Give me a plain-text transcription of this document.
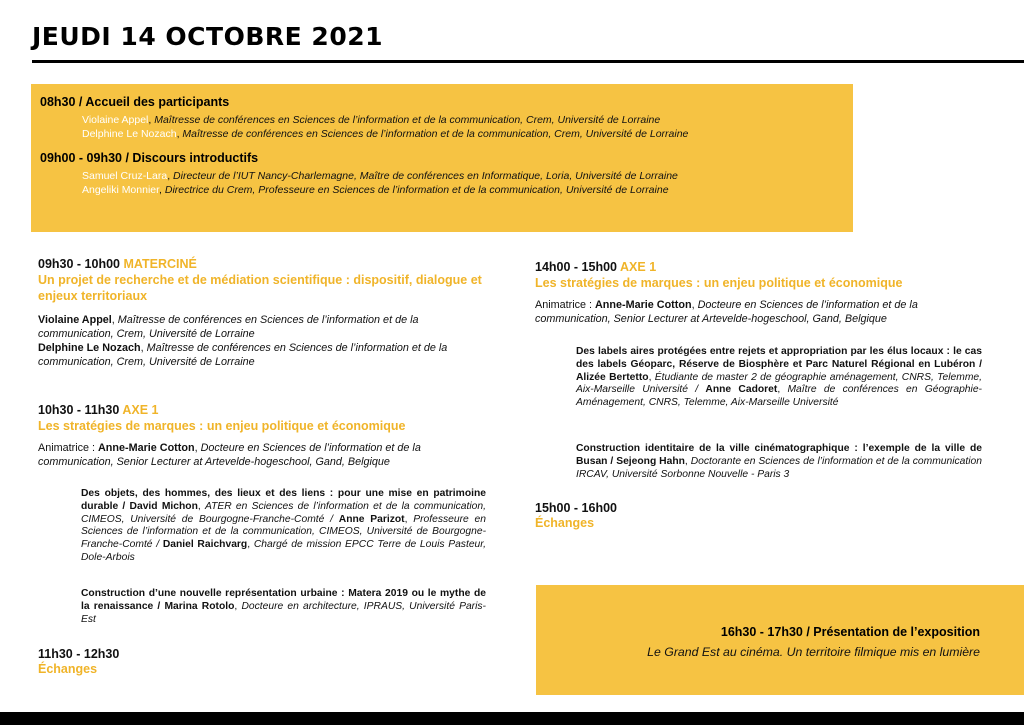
JEUDI 14 OCTOBRE 2021
08h30 / Accueil des participants
Violaine Appel, Maîtresse de conférences en Sciences de l’information et de la communication, Crem, Université de Lorraine
Delphine Le Nozach, Maîtresse de conférences en Sciences de l’information et de la communication, Crem, Université de Lorraine
09h00 - 09h30 / Discours introductifs
Samuel Cruz-Lara, Directeur de l’IUT Nancy-Charlemagne, Maître de conférences en Informatique, Loria, Université de Lorraine
Angeliki Monnier, Directrice du Crem, Professeure en Sciences de l’information et de la communication, Université de Lorraine
09h30 - 10h00 MATERCINÉ
Un projet de recherche et de médiation scientifique : dispositif, dialogue et enjeux territoriaux
Violaine Appel, Maîtresse de conférences en Sciences de l’information et de la communication, Crem, Université de Lorraine
Delphine Le Nozach, Maîtresse de conférences en Sciences de l’information et de la communication, Crem, Université de Lorraine
10h30 - 11h30 AXE 1
Les stratégies de marques : un enjeu politique et économique
Animatrice : Anne-Marie Cotton, Docteure en Sciences de l’information et de la communication, Senior Lecturer at Artevelde-hogeschool, Gand, Belgique
Des objets, des hommes, des lieux et des liens : pour une mise en patrimoine durable / David Michon, ATER en Sciences de l’information et de la communication, CIMEOS, Université de Bourgogne-Franche-Comté / Anne Parizot, Professeure en Sciences de l’information et de la communication, CIMEOS, Université de Bourgogne-Franche-Comté / Daniel Raichvarg, Chargé de mission EPCC Terre de Louis Pasteur, Dole-Arbois
Construction d’une nouvelle représentation urbaine : Matera 2019 ou le mythe de la renaissance / Marina Rotolo, Docteure en architecture, IPRAUS, Université Paris-Est
11h30 - 12h30
Échanges
14h00 - 15h00 AXE 1
Les stratégies de marques : un enjeu politique et économique
Animatrice : Anne-Marie Cotton, Docteure en Sciences de l’information et de la communication, Senior Lecturer at Artevelde-hogeschool, Gand, Belgique
Des labels aires protégées entre rejets et appropriation par les élus locaux : le cas des labels Géoparc, Réserve de Biosphère et Parc Naturel Régional en Lubéron / Alizée Bertetto, Étudiante de master 2 de géographie aménagement, CNRS, Telemme, Aix-Marseille Université / Anne Cadoret, Maître de conférences en Géographie-Aménagement, CNRS, Telemme, Aix-Marseille Université
Construction identitaire de la ville cinématographique : l’exemple de la ville de Busan / Sejeong Hahn, Doctorante en Sciences de l’information et de la communication IRCAV, Université Sorbonne Nouvelle - Paris 3
15h00 - 16h00
Échanges
16h30 - 17h30 / Présentation de l’exposition
Le Grand Est au cinéma. Un territoire filmique mis en lumière
